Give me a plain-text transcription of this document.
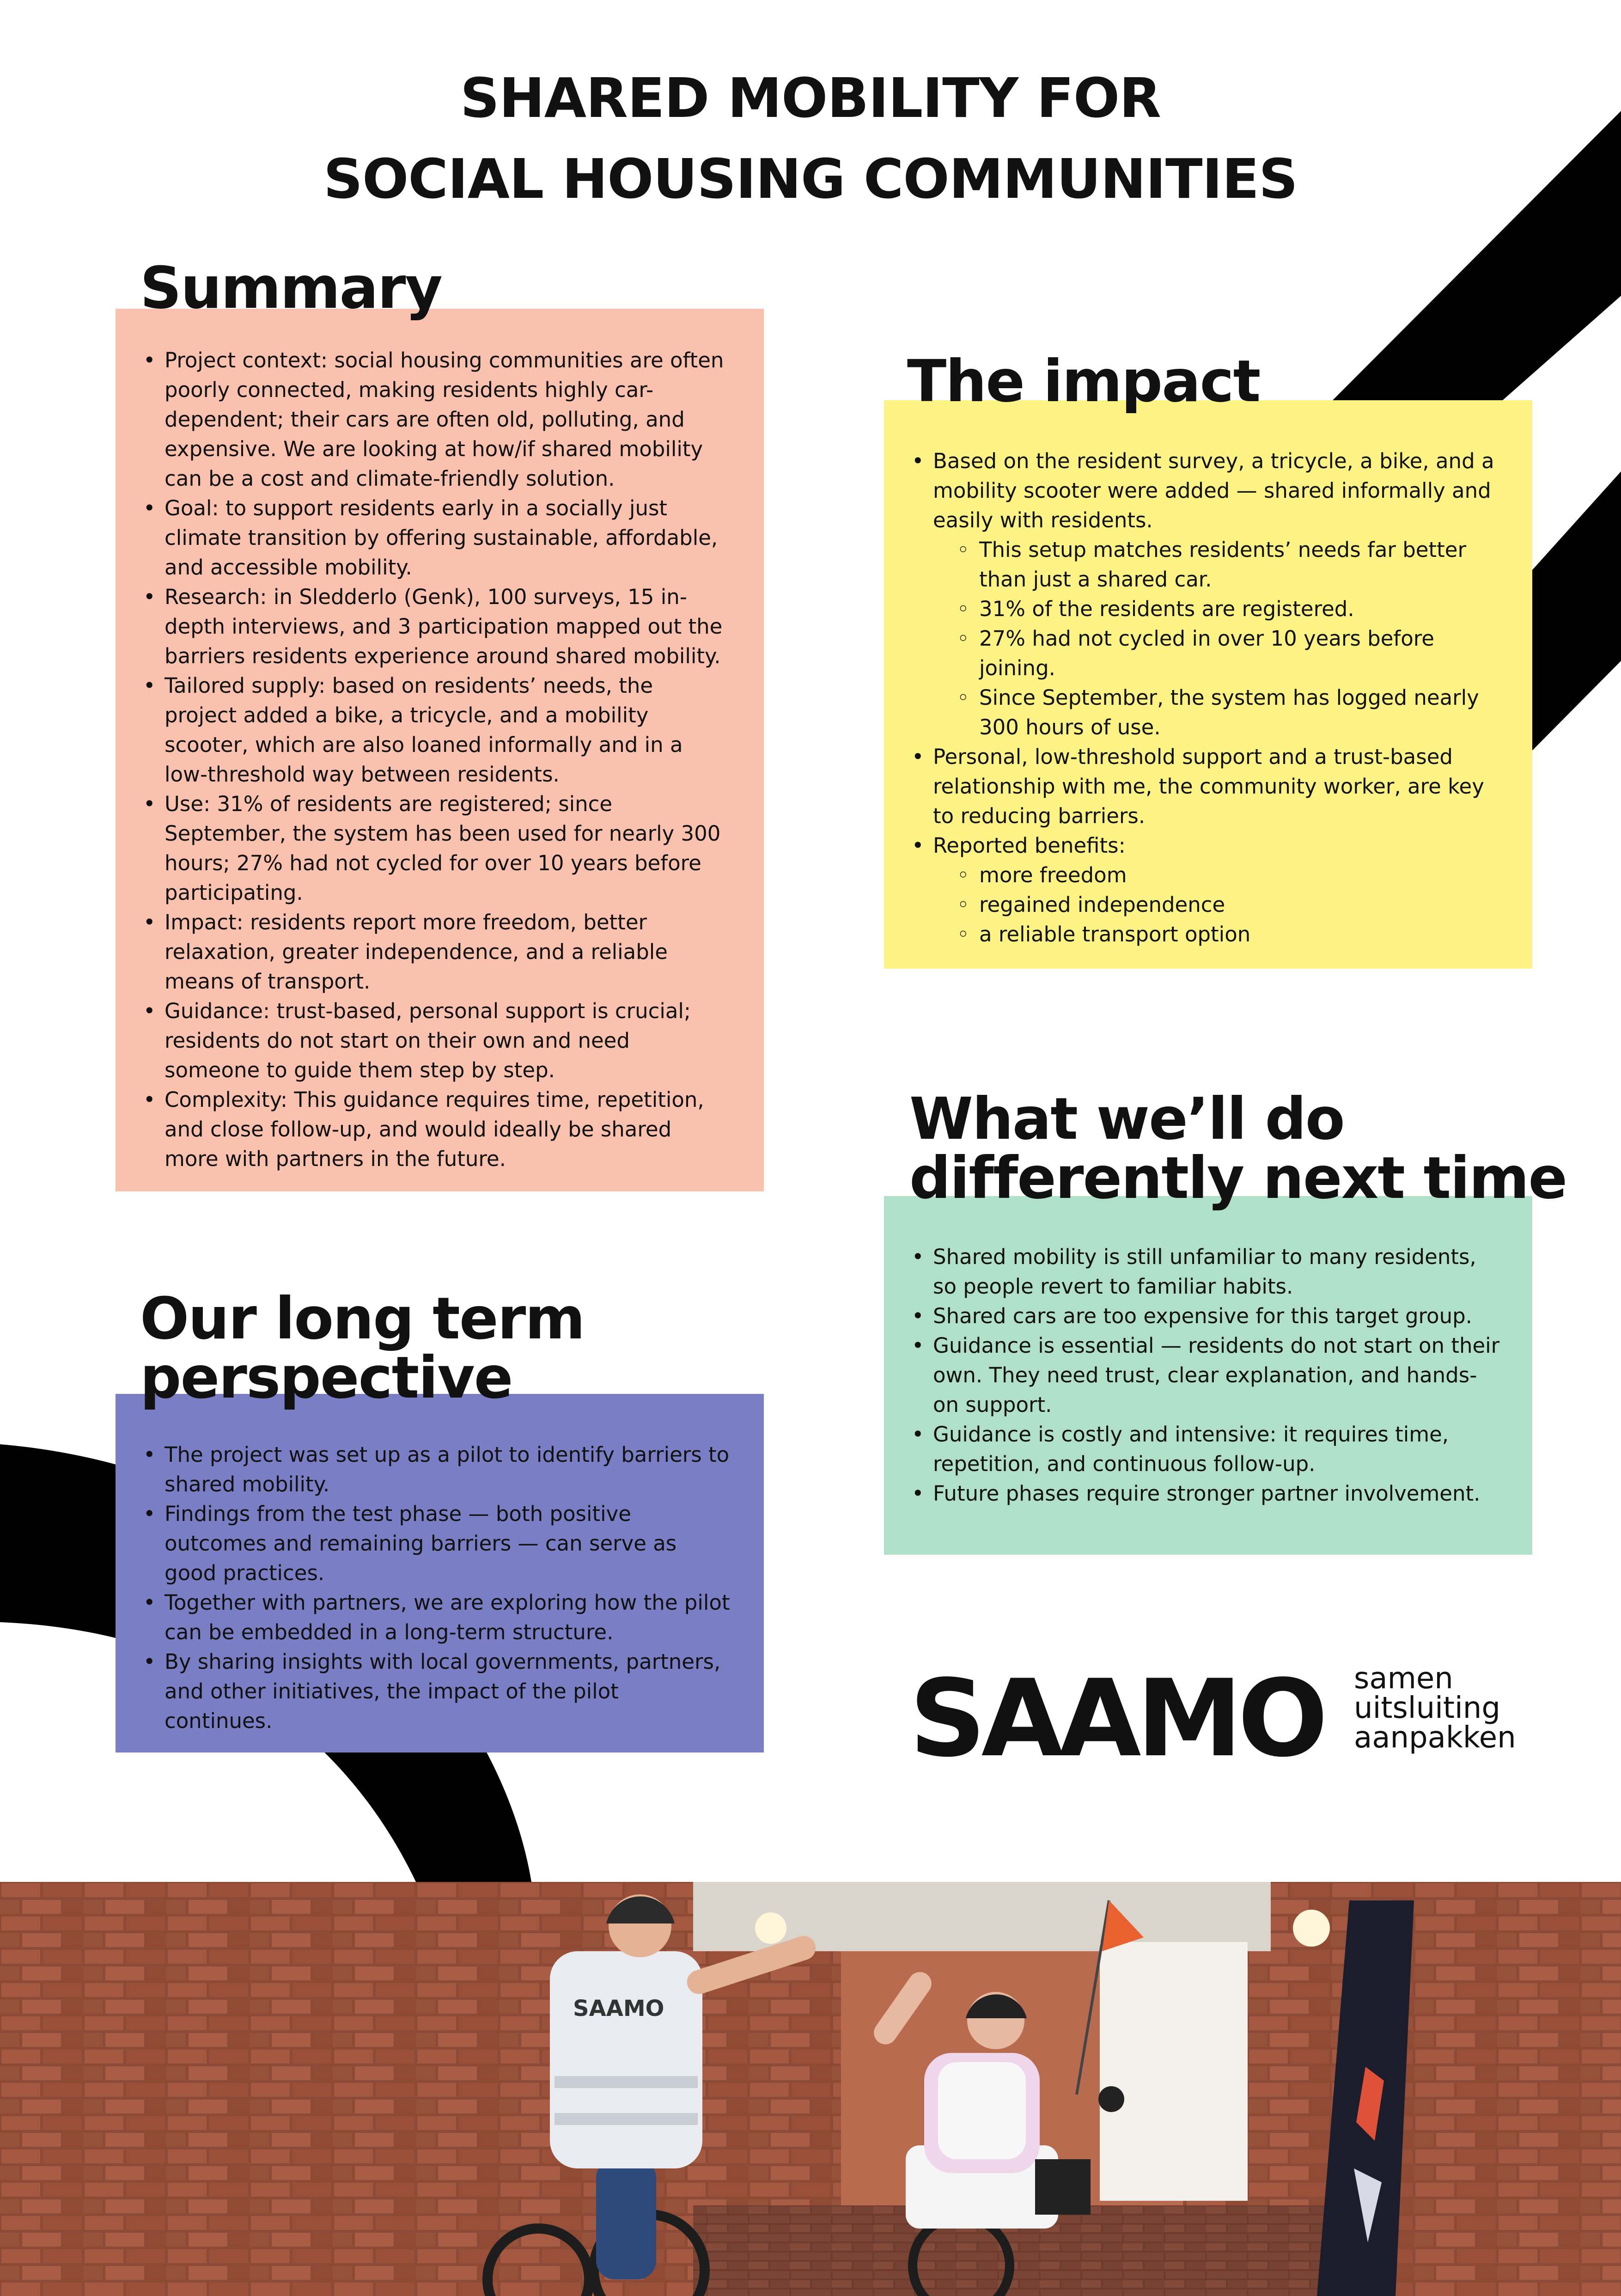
SHARED MOBILITY FOR
SOCIAL HOUSING COMMUNITIES
Summary
• Project context: social housing communities are often poorly connected, making residents highly car-dependent; their cars are often old, polluting, and expensive. We are looking at how/if shared mobility can be a cost and climate-friendly solution.
• Goal: to support residents early in a socially just climate transition by offering sustainable, affordable, and accessible mobility.
• Research: in Sledderlo (Genk), 100 surveys, 15 in-depth interviews, and 3 participation mapped out the barriers residents experience around shared mobility.
• Tailored supply: based on residents’ needs, the project added a bike, a tricycle, and a mobility scooter, which are also loaned informally and in a low-threshold way between residents.
• Use: 31% of residents are registered; since September, the system has been used for nearly 300 hours; 27% had not cycled for over 10 years before participating.
• Impact: residents report more freedom, better relaxation, greater independence, and a reliable means of transport.
• Guidance: trust-based, personal support is crucial; residents do not start on their own and need someone to guide them step by step.
• Complexity: This guidance requires time, repetition, and close follow-up, and would ideally be shared more with partners in the future.
The impact
• Based on the resident survey, a tricycle, a bike, and a mobility scooter were added — shared informally and easily with residents.
◦ This setup matches residents’ needs far better than just a shared car.
◦ 31% of the residents are registered.
◦ 27% had not cycled in over 10 years before joining.
◦ Since September, the system has logged nearly 300 hours of use.
• Personal, low-threshold support and a trust-based relationship with me, the community worker, are key to reducing barriers.
• Reported benefits:
◦ more freedom
◦ regained independence
◦ a reliable transport option
What we’ll do
differently next time
• Shared mobility is still unfamiliar to many residents, so people revert to familiar habits.
• Shared cars are too expensive for this target group.
• Guidance is essential — residents do not start on their own. They need trust, clear explanation, and hands-on support.
• Guidance is costly and intensive: it requires time, repetition, and continuous follow-up.
• Future phases require stronger partner involvement.
Our long term
perspective
• The project was set up as a pilot to identify barriers to shared mobility.
• Findings from the test phase — both positive outcomes and remaining barriers — can serve as good practices.
• Together with partners, we are exploring how the pilot can be embedded in a long-term structure.
• By sharing insights with local governments, partners, and other initiatives, the impact of the pilot continues.	SAAMO samen
uitsluiting
aanpakken
SAAMO
